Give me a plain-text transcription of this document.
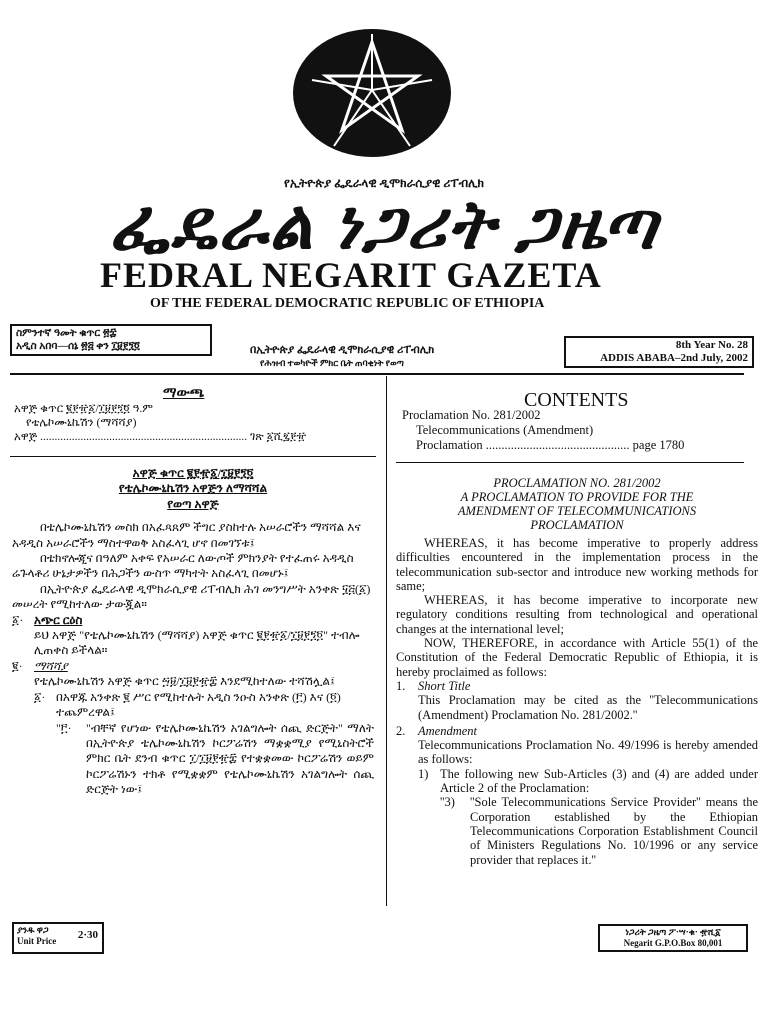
የኢትዮጵያ ፌዴራላዊ ዲሞክራሲያዊ ሪፐብሊክ
ፌዴራል ነጋሪት ጋዜጣ
FEDRAL NEGARIT GAZETA
OF THE FEDERAL DEMOCRATIC REPUBLIC OF ETHIOPIA
ስምንተኛ ዓመት ቁጥር ፳፰
አዲስ አበባ—ሰኔ ፳፭ ቀን ፲፱፻፺፬	በኢትዮጵያ ፌዴራላዊ ዲሞክራሲያዊ ሪፐብሊክ
የሕዝብ ተወካዮች ምክር ቤት ጠባቂነት የወጣ
8th Year No. 28
ADDIS ABABA–2nd July, 2002
ማውጫ
አዋጅ ቁጥር ፪፻፹፩/፲፱፻፺፬ ዓ.ም
የቴሌኮሙኒኬሽን (ማሻሻያ)
አዋጅ ........................................................................ ገጽ ፩ሺ፯፻፹
CONTENTS
Proclamation No. 281/2002
Telecommunications (Amendment)
Proclamation .............................................. page 1780
አዋጅ ቁጥር ፪፻፹፩/፲፱፻፺፬
የቴሌኮሙኒኬሽን አዋጅን ለማሻሻል
የወጣ አዋጅ

በቴሌኮሙኒኬሽን መስክ በአፈጻጸም ችግር ያስከተሉ አሠራሮችን ማሻሻል እና አዳዲስ አሠራሮችን ማስተዋወቅ አስፈላጊ ሆኖ በመገኘቱ፤

በቴክኖሎጂና በዓለም አቀፍ የአሠራር ለውጦች ምክንያት የተፈጠሩ አዳዲስ ሬጉላቶሪ ሁኔታዎችን በሕጋችን ውስጥ ማካተት አስፈላጊ በመሆኑ፤

በኢትዮጵያ ፌዴራላዊ ዲሞክራሲያዊ ሪፐብሊክ ሕገ መንግሥት አንቀጽ ፶፭(፩) መሠረት የሚከተለው ታውጇል።

፩· አጭር ርዕስ

ይህ አዋጅ "የቴሌኮሙኒኬሽን (ማሻሻያ) አዋጅ ቁጥር ፪፻፹፩/፲፱፻፺፬" ተብሎ ሊጠቀስ ይችላል።

፪· ማሻሻያ

የቴሌኮሙኒኬሽን አዋጅ ቁጥር ፵፱/፲፱፻፹፰ እንደሚከተለው ተሻሽሏል፤

፩· በአዋጁ አንቀጽ ፪ ሥር የሚከተሉት አዲስ ንዑስ አንቀጽ (፫) እና (፬) ተጨምረዋል፤
"፫·	"ብቸኛ የሆነው የቴሌኮሙኒኬሽን አገልግሎት ሰጪ ድርጅት" ማለት በኢትዮጵያ ቴሌኮሙኒኬሽን ኮርፖሬሽን ማቋቋሚያ የሚኒስትሮች ምክር ቤት ደንብ ቁጥር ፲/፲፱፻፹፰ የተቋቋመው ኮርፖሬሽን ወይም ኮርፖሬሽኑን ተክቶ የሚቋቋም የቴሌኮሙኒኬሽን አገልግሎት ሰጪ ድርጅት ነው፤
PROCLAMATION NO. 281/2002
A PROCLAMATION TO PROVIDE FOR THE
AMENDMENT OF TELECOMMUNICATIONS
PROCLAMATION

WHEREAS, it has become imperative to properly address difficulties encountered in the implementation process in the telecommunication sub-sector and introduce new working methods for same;

WHEREAS, it has become imperative to incorporate new regulatory conditions resulting from technological and operational changes at the international level;

NOW, THEREFORE, in accordance with Article 55(1) of the Constitution of the Federal Democratic Republic of Ethiopia, it is hereby proclaimed as follows:

1.	Short Title

This Proclamation may be cited as the ''Telecommunications (Amendment) Proclamation No. 281/2002.''

2.	Amendment

Telecommunications Proclamation No. 49/1996 is hereby amended as follows:

1) The following new Sub-Articles (3) and (4) are added under Article 2 of the Proclamation:
''3)	''Sole Telecommunications Service Provider'' means the Corporation established by the Ethiopian Telecommunications Corporation Establishment Council of Ministers Regulations No. 10/1996 or any service provider that replaces it.''
ያንዱ ዋጋ
Unit Price	2·30	ነጋሪት ጋዜጣ ፖ·ሣ·ቁ· ፹ሺ፩
Negarit G.P.O.Box 80,001
